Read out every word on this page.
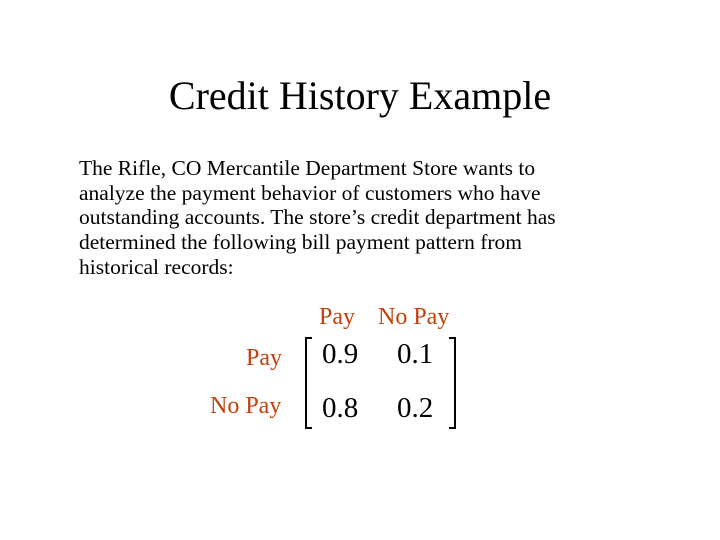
Credit History Example

The Rifle, CO Mercantile Department Store wants to
analyze the payment behavior of customers who have
outstanding accounts. The store’s credit department has
determined the following bill payment pattern from
historical records:

Pay No Pay
Pay
No Pay
0.9 0.1
0.8 0.2
